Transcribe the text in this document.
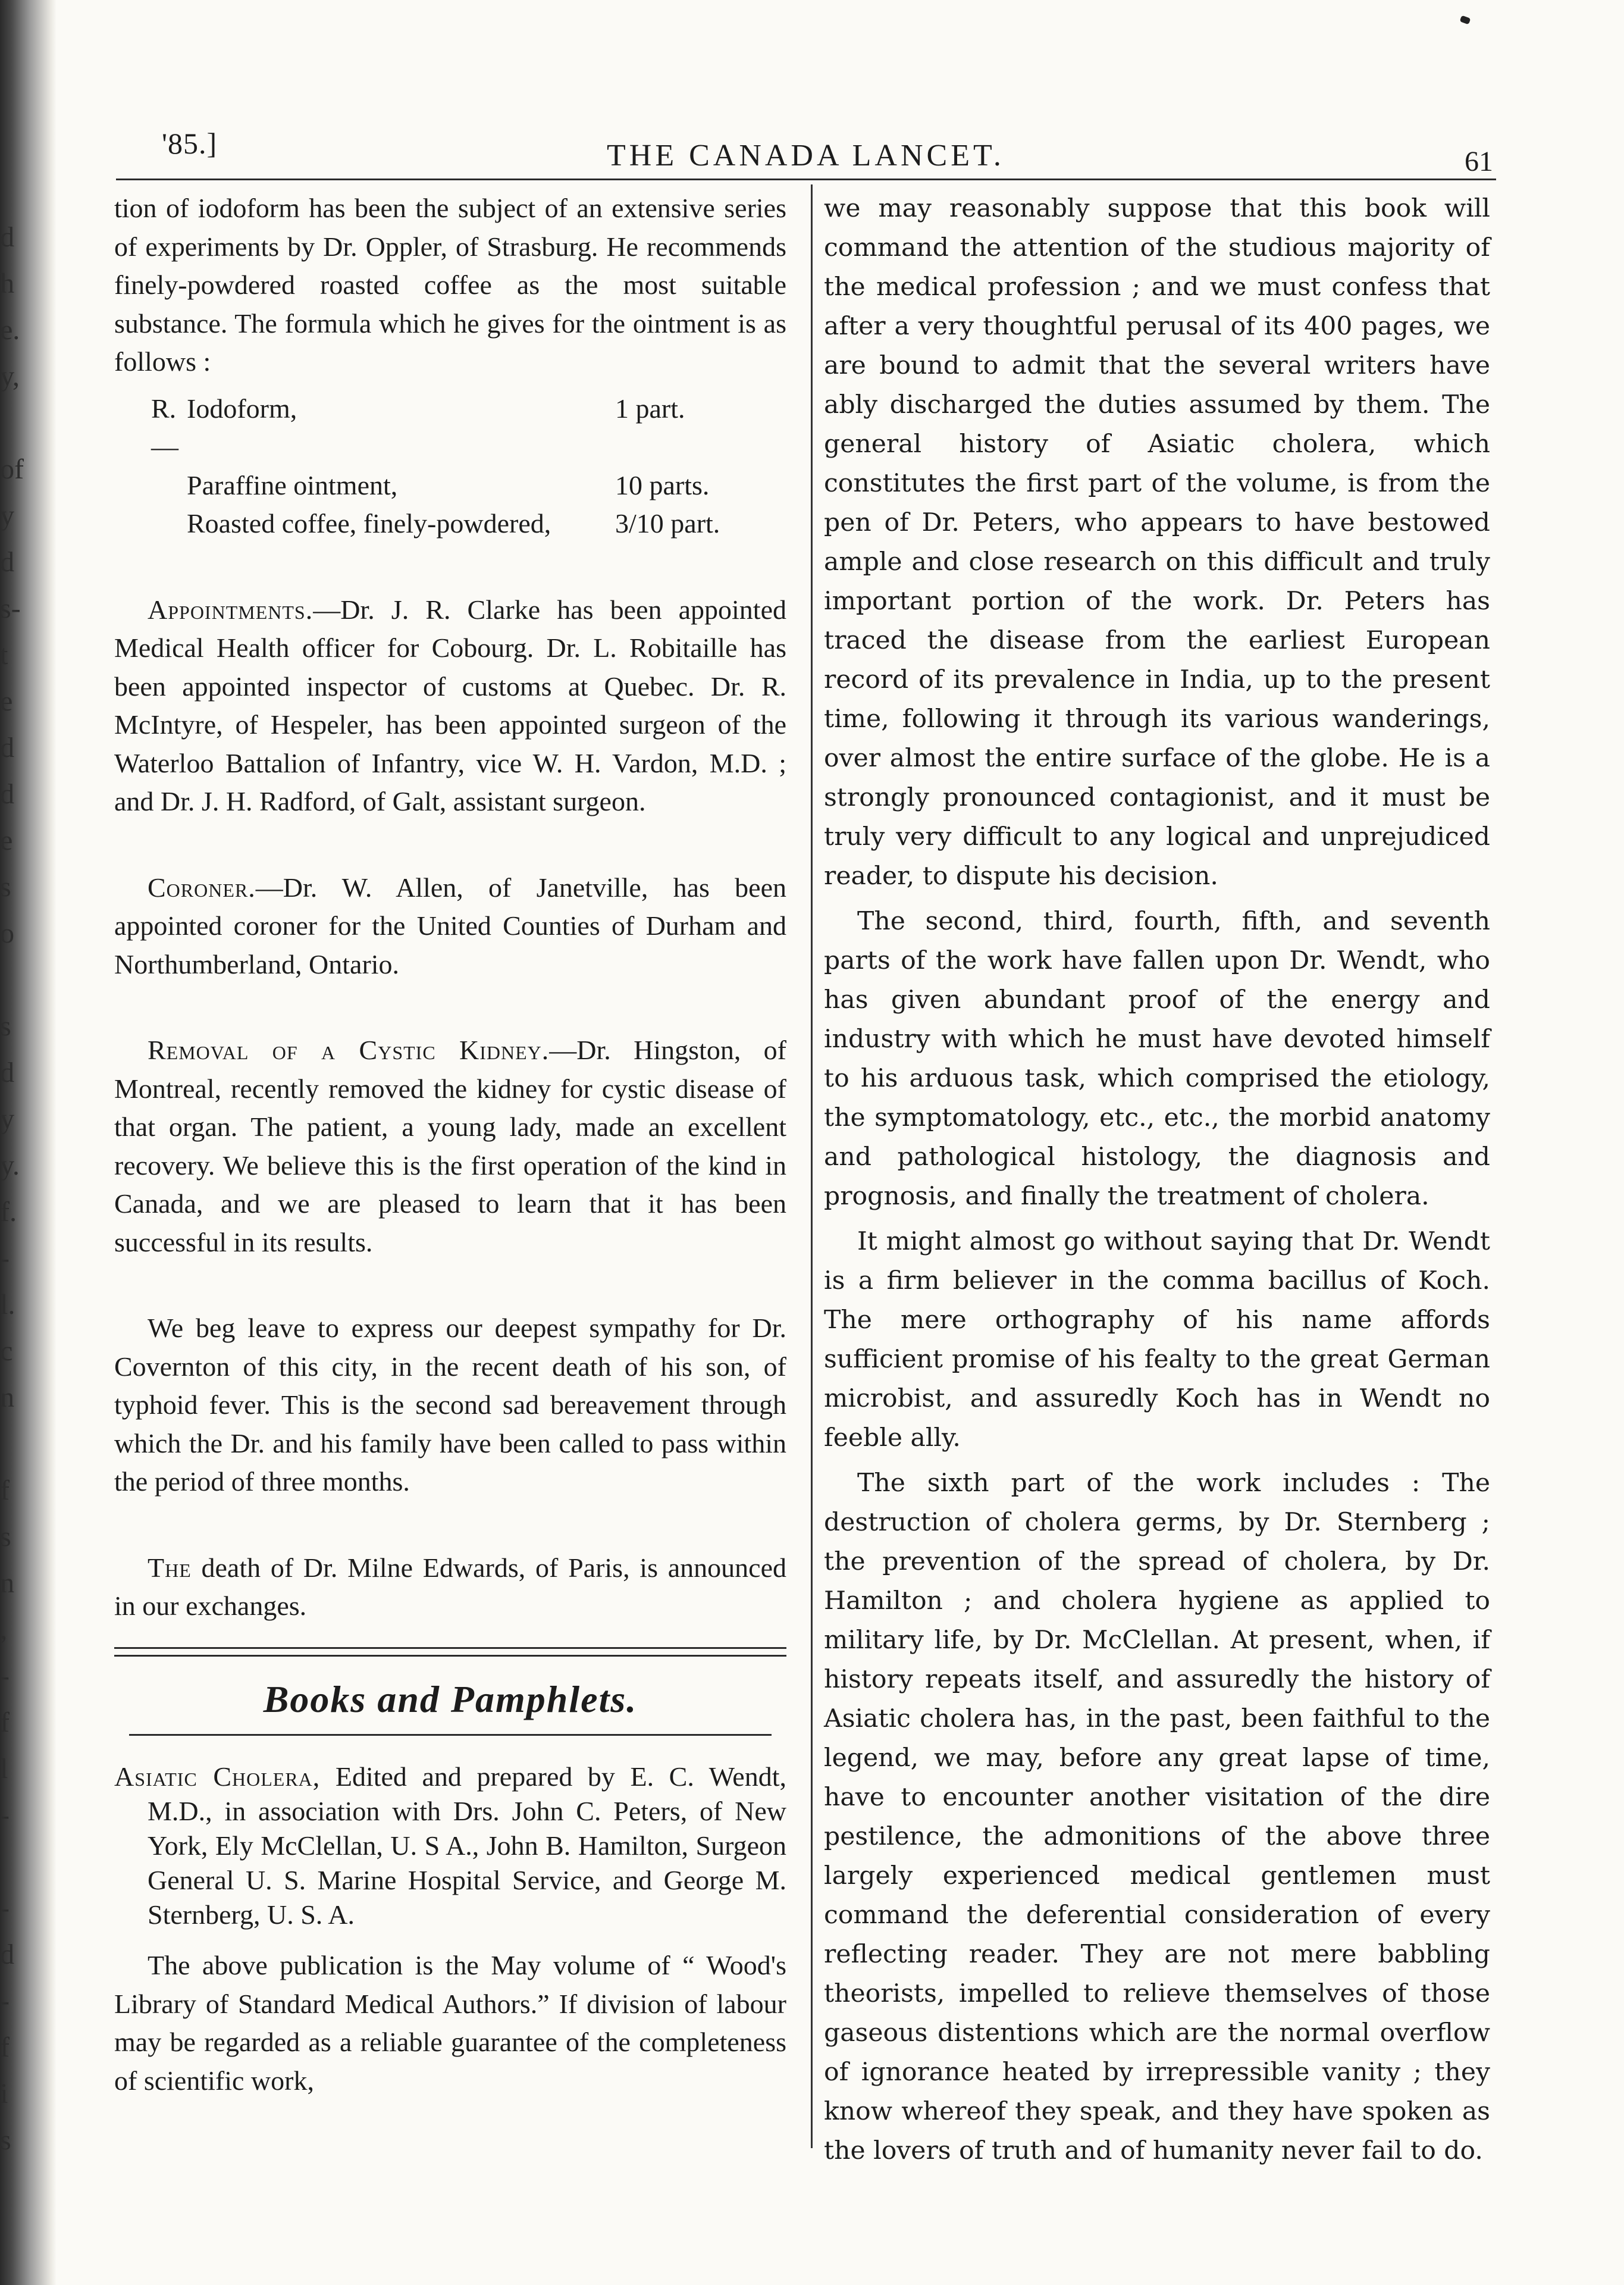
d
h
e.
y,
of
y
d
s-
t
e
d
d
e
s
o
s
d
y
y.
f.
-
l.
c
n
f
s
n
,
-
f
l
-
-
d
-
f
i
s
'85.]	THE CANADA LANCET.	61

tion of iodoform has been the subject of an extensive series of experiments by Dr. Oppler, of Strasburg. He recommends finely-powdered roasted coffee as the most suitable substance. The formula which he gives for the ointment is as follows :

R.—
Iodoform,	1 part.
Paraffine ointment,	10 parts.
Roasted coffee, finely-powdered,	3/10 part.

Appointments.—Dr. J. R. Clarke has been appointed Medical Health officer for Cobourg. Dr. L. Robitaille has been appointed inspector of customs at Quebec. Dr. R. McIntyre, of Hespeler, has been appointed surgeon of the Waterloo Battalion of Infantry, vice W. H. Vardon, M.D. ; and Dr. J. H. Radford, of Galt, assistant surgeon.

Coroner.—Dr. W. Allen, of Janetville, has been appointed coroner for the United Counties of Durham and Northumberland, Ontario.

Removal of a Cystic Kidney.—Dr. Hingston, of Montreal, recently removed the kidney for cystic disease of that organ. The patient, a young lady, made an excellent recovery. We believe this is the first operation of the kind in Canada, and we are pleased to learn that it has been successful in its results.

We beg leave to express our deepest sympathy for Dr. Covernton of this city, in the recent death of his son, of typhoid fever. This is the second sad bereavement through which the Dr. and his family have been called to pass within the period of three months.

The death of Dr. Milne Edwards, of Paris, is announced in our exchanges.

Books and Pamphlets.

Asiatic Cholera, Edited and prepared by E. C. Wendt, M.D., in association with Drs. John C. Peters, of New York, Ely McClellan, U. S A., John B. Hamilton, Surgeon General U. S. Marine Hospital Service, and George M. Sternberg, U. S. A.

The above publication is the May volume of “ Wood's Library of Standard Medical Authors.” If division of labour may be regarded as a reliable guarantee of the completeness of scientific work,

we may reasonably suppose that this book will command the attention of the studious majority of the medical profession ; and we must confess that after a very thoughtful perusal of its 400 pages, we are bound to admit that the several writers have ably discharged the duties assumed by them. The general history of Asiatic cholera, which constitutes the first part of the volume, is from the pen of Dr. Peters, who appears to have bestowed ample and close research on this difficult and truly important portion of the work. Dr. Peters has traced the disease from the earliest European record of its prevalence in India, up to the present time, following it through its various wanderings, over almost the entire surface of the globe. He is a strongly pronounced contagionist, and it must be truly very difficult to any logical and unprejudiced reader, to dispute his decision.

The second, third, fourth, fifth, and seventh parts of the work have fallen upon Dr. Wendt, who has given abundant proof of the energy and industry with which he must have devoted himself to his arduous task, which comprised the etiology, the symptomatology, etc., etc., the morbid anatomy and pathological histology, the diagnosis and prognosis, and finally the treatment of cholera.

It might almost go without saying that Dr. Wendt is a firm believer in the comma bacillus of Koch. The mere orthography of his name affords sufficient promise of his fealty to the great German microbist, and assuredly Koch has in Wendt no feeble ally.

The sixth part of the work includes : The destruction of cholera germs, by Dr. Sternberg ; the prevention of the spread of cholera, by Dr. Hamilton ; and cholera hygiene as applied to military life, by Dr. McClellan. At present, when, if history repeats itself, and assuredly the history of Asiatic cholera has, in the past, been faithful to the legend, we may, before any great lapse of time, have to encounter another visitation of the dire pestilence, the admonitions of the above three largely experienced medical gentlemen must command the deferential consideration of every reflecting reader. They are not mere babbling theorists, impelled to relieve themselves of those gaseous distentions which are the normal overflow of ignorance heated by irrepressible vanity ; they know whereof they speak, and they have spoken as the lovers of truth and of humanity never fail to do.
